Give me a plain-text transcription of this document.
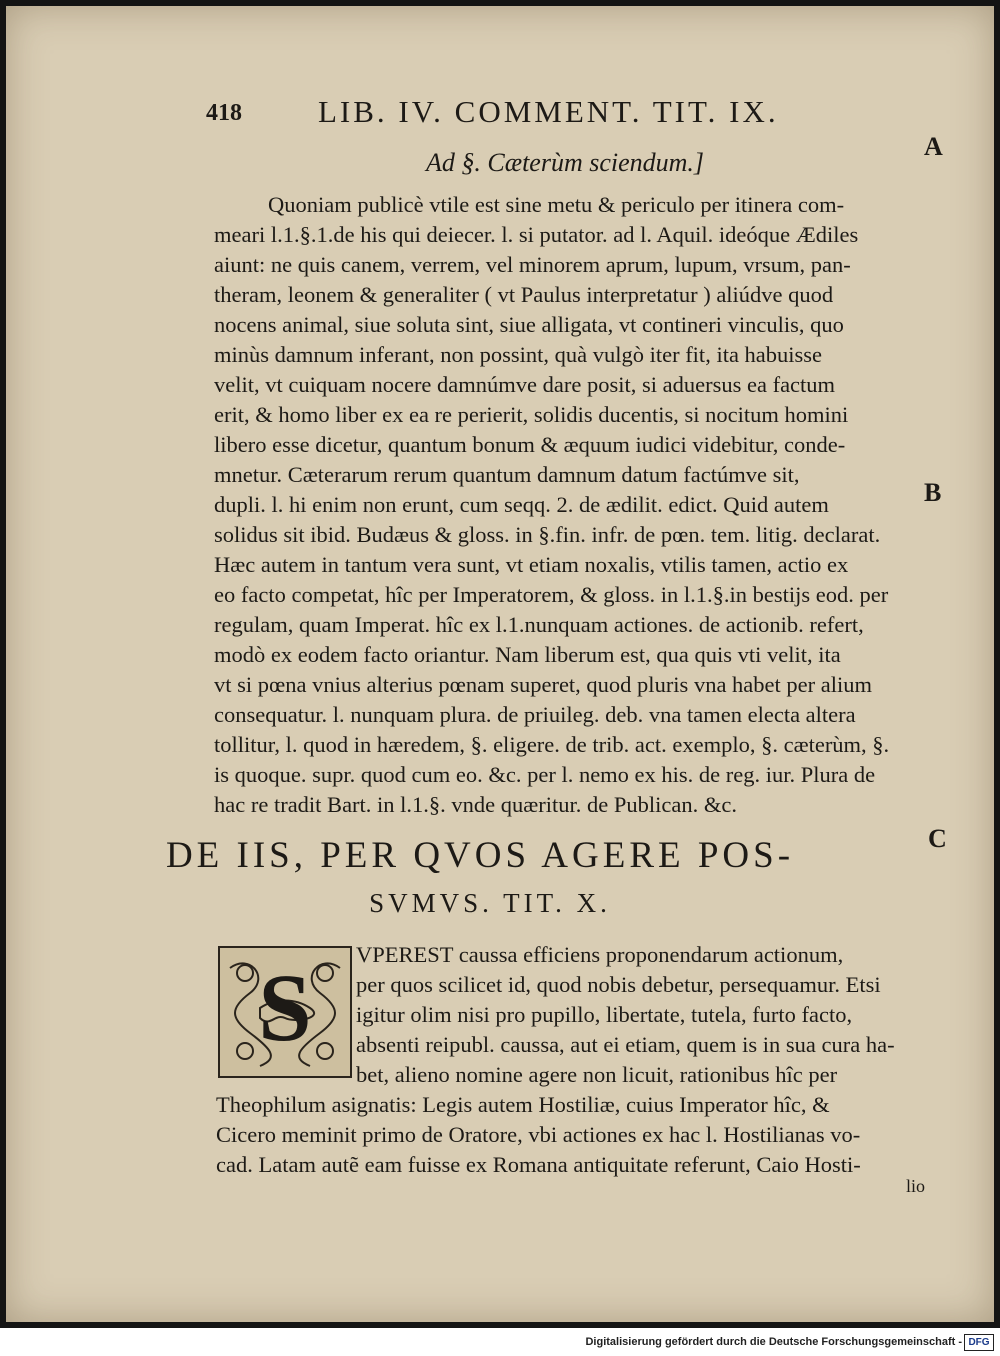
418 LIB. IV. COMMENT. TIT. IX.
A
B
C
Ad §. Cæterùm sciendum.]
Quoniam publicè vtile est sine metu & periculo per itinera com-
meari l.1.§.1.de his qui deiecer. l. si putator. ad l. Aquil. ideóque Ædiles
aiunt: ne quis canem, verrem, vel minorem aprum, lupum, vrsum, pan-
theram, leonem & generaliter ( vt Paulus interpretatur ) aliúdve quod
nocens animal, siue soluta sint, siue alligata, vt contineri vinculis, quo
minùs damnum inferant, non possint, quà vulgò iter fit, ita habuisse
velit, vt cuiquam nocere damnúmve dare posit, si aduersus ea factum
erit, & homo liber ex ea re perierit, solidis ducentis, si nocitum homini
libero esse dicetur, quantum bonum & æquum iudici videbitur, conde-
mnetur. Cæterarum rerum quantum damnum datum factúmve sit,
dupli. l. hi enim non erunt, cum seqq. 2. de ædilit. edict. Quid autem
solidus sit ibid. Budæus & gloss. in §.fin. infr. de pœn. tem. litig. declarat.
Hæc autem in tantum vera sunt, vt etiam noxalis, vtilis tamen, actio ex
eo facto competat, hîc per Imperatorem, & gloss. in l.1.§.in bestijs eod. per
regulam, quam Imperat. hîc ex l.1.nunquam actiones. de actionib. refert,
modò ex eodem facto oriantur. Nam liberum est, qua quis vti velit, ita
vt si pœna vnius alterius pœnam superet, quod pluris vna habet per alium
consequatur. l. nunquam plura. de priuileg. deb. vna tamen electa altera
tollitur, l. quod in hæredem, §. eligere. de trib. act. exemplo, §. cæterùm, §.
is quoque. supr. quod cum eo. &c. per l. nemo ex his. de reg. iur. Plura de
hac re tradit Bart. in l.1.§. vnde quæritur. de Publican. &c.
DE IIS, PER QVOS AGERE POS-
SVMVS. TIT. X.
S VPEREST caussa efficiens proponendarum actionum,
per quos scilicet id, quod nobis debetur, persequamur. Etsi
igitur olim nisi pro pupillo, libertate, tutela, furto facto,
absenti reipubl. caussa, aut ei etiam, quem is in sua cura ha-
bet, alieno nomine agere non licuit, rationibus hîc per
Theophilum asignatis: Legis autem Hostiliæ, cuius Imperator hîc, &
Cicero meminit primo de Oratore, vbi actiones ex hac l. Hostilianas vo-
cad. Latam autẽ eam fuisse ex Romana antiquitate referunt, Caio Hosti-
lio
Digitalisierung gefördert durch die Deutsche Forschungsgemeinschaft - DFG
